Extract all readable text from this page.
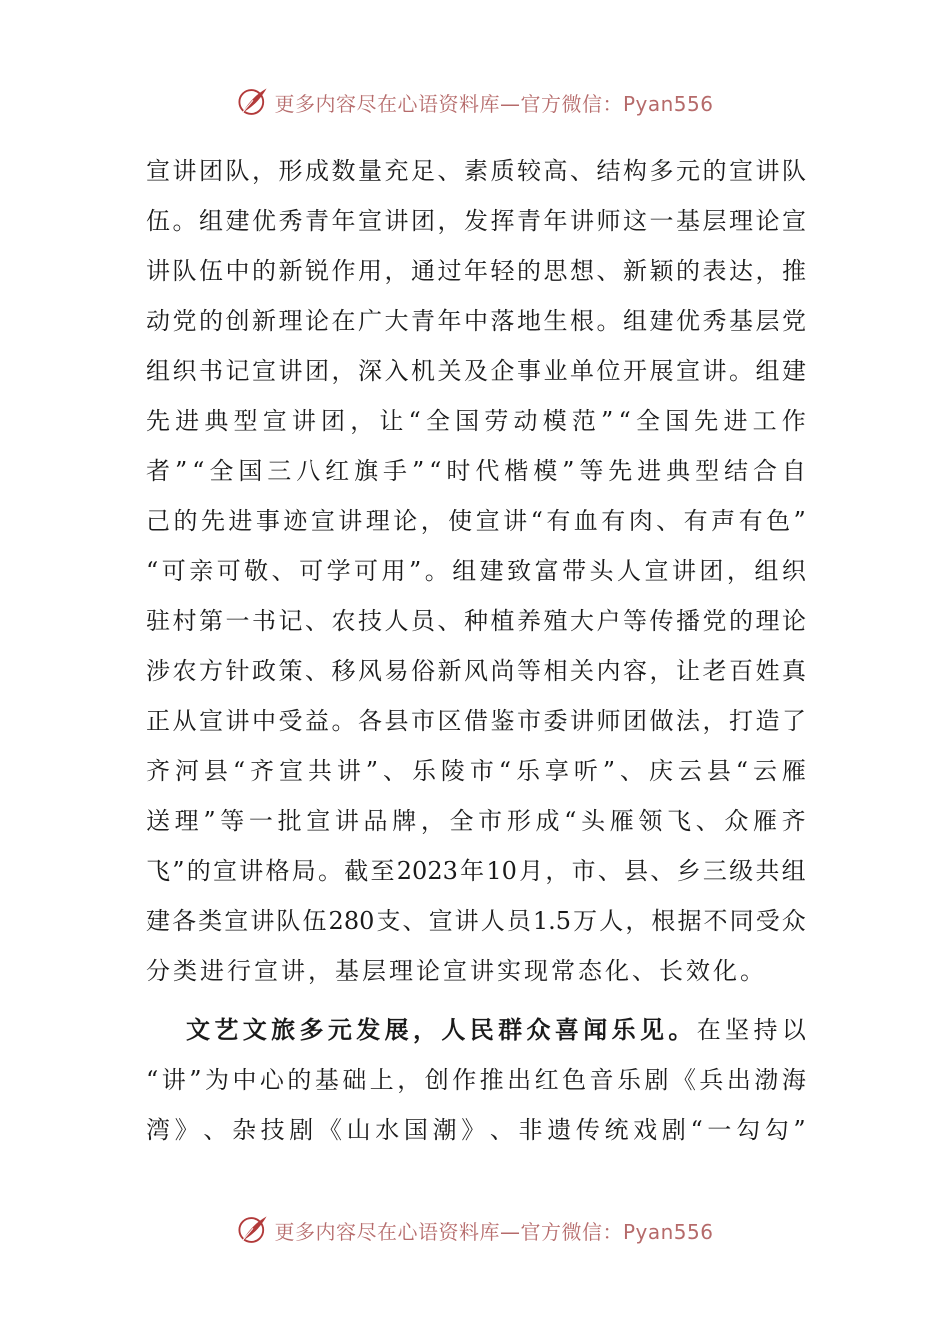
更多内容尽在心语资料库—官方微信：Pyan556
宣 讲 团 队 ， 形 成 数 量 充 足 、 素 质 较 高 、 结 构 多 元 的 宣 讲 队
伍 。 组 建 优 秀 青 年 宣 讲 团 ， 发 挥 青 年 讲 师 这 一 基 层 理 论 宣
讲 队 伍 中 的 新 锐 作 用 ， 通 过 年 轻 的 思 想 、 新 颖 的 表 达 ， 推
动 党 的 创 新 理 论 在 广 大 青 年 中 落 地 生 根 。 组 建 优 秀 基 层 党
组 织 书 记 宣 讲 团 ， 深 入 机 关 及 企 事 业 单 位 开 展 宣 讲 。 组 建
先 进 典 型 宣 讲 团 ， 让 “ 全 国 劳 动 模 范 ” “ 全 国 先 进 工 作
者 ” “ 全 国 三 八 红 旗 手 ” “ 时 代 楷 模 ” 等 先 进 典 型 结 合 自
己 的 先 进 事 迹 宣 讲 理 论 ， 使 宣 讲 “ 有 血 有 肉 、 有 声 有 色 ”
“ 可 亲 可 敬 、 可 学 可 用 ” 。 组 建 致 富 带 头 人 宣 讲 团 ， 组 织
驻 村 第 一 书 记 、 农 技 人 员 、 种 植 养 殖 大 户 等 传 播 党 的 理 论
涉 农 方 针 政 策 、 移 风 易 俗 新 风 尚 等 相 关 内 容 ， 让 老 百 姓 真
正 从 宣 讲 中 受 益 。 各 县 市 区 借 鉴 市 委 讲 师 团 做 法 ， 打 造 了
齐 河 县 “ 齐 宣 共 讲 ” 、 乐 陵 市 “ 乐 享 听 ” 、 庆 云 县 “ 云 雁
送 理 ” 等 一 批 宣 讲 品 牌 ， 全 市 形 成 “ 头 雁 领 飞 、 众 雁 齐
飞 ” 的 宣 讲 格 局 。 截 至 2023 年 10 月 ， 市 、 县 、 乡 三 级 共 组
建 各 类 宣 讲 队 伍 280 支 、 宣 讲 人 员 1.5 万 人 ， 根 据 不 同 受 众
分类进行宣讲，基层理论宣讲实现常态化、长效化。
文 艺 文 旅 多 元 发 展 ， 人 民 群 众 喜 闻 乐 见 。 在 坚 持 以
“ 讲 ” 为 中 心 的 基 础 上 ， 创 作 推 出 红 色 音 乐 剧 《 兵 出 渤 海
湾 》 、 杂 技 剧 《 山 水 国 潮 》 、 非 遗 传 统 戏 剧 “ 一 勾 勾 ”
更多内容尽在心语资料库—官方微信：Pyan556
